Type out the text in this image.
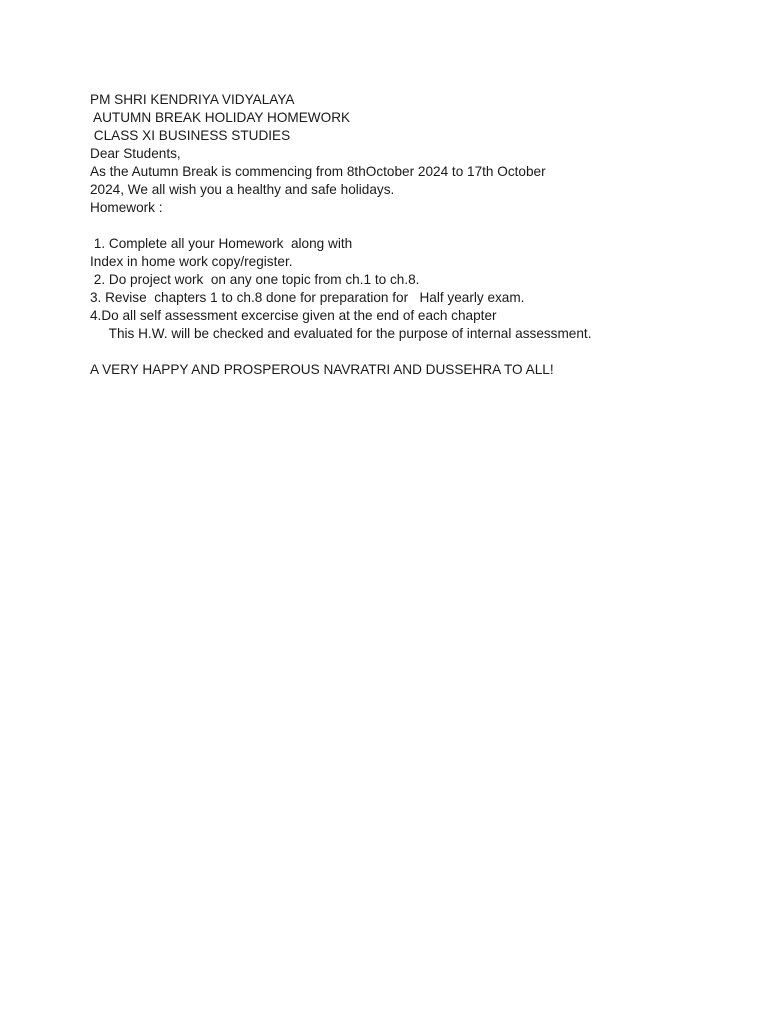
PM SHRI KENDRIYA VIDYALAYA
AUTUMN BREAK HOLIDAY HOMEWORK
CLASS XI BUSINESS STUDIES
Dear Students,
As the Autumn Break is commencing from 8thOctober 2024 to 17th October
2024, We all wish you a healthy and safe holidays.
Homework :
1. Complete all your Homework  along with
Index in home work copy/register.
2. Do project work  on any one topic from ch.1 to ch.8.
3. Revise  chapters 1 to ch.8 done for preparation for   Half yearly exam.
4.Do all self assessment excercise given at the end of each chapter
This H.W. will be checked and evaluated for the purpose of internal assessment.
A VERY HAPPY AND PROSPEROUS NAVRATRI AND DUSSEHRA TO ALL!
